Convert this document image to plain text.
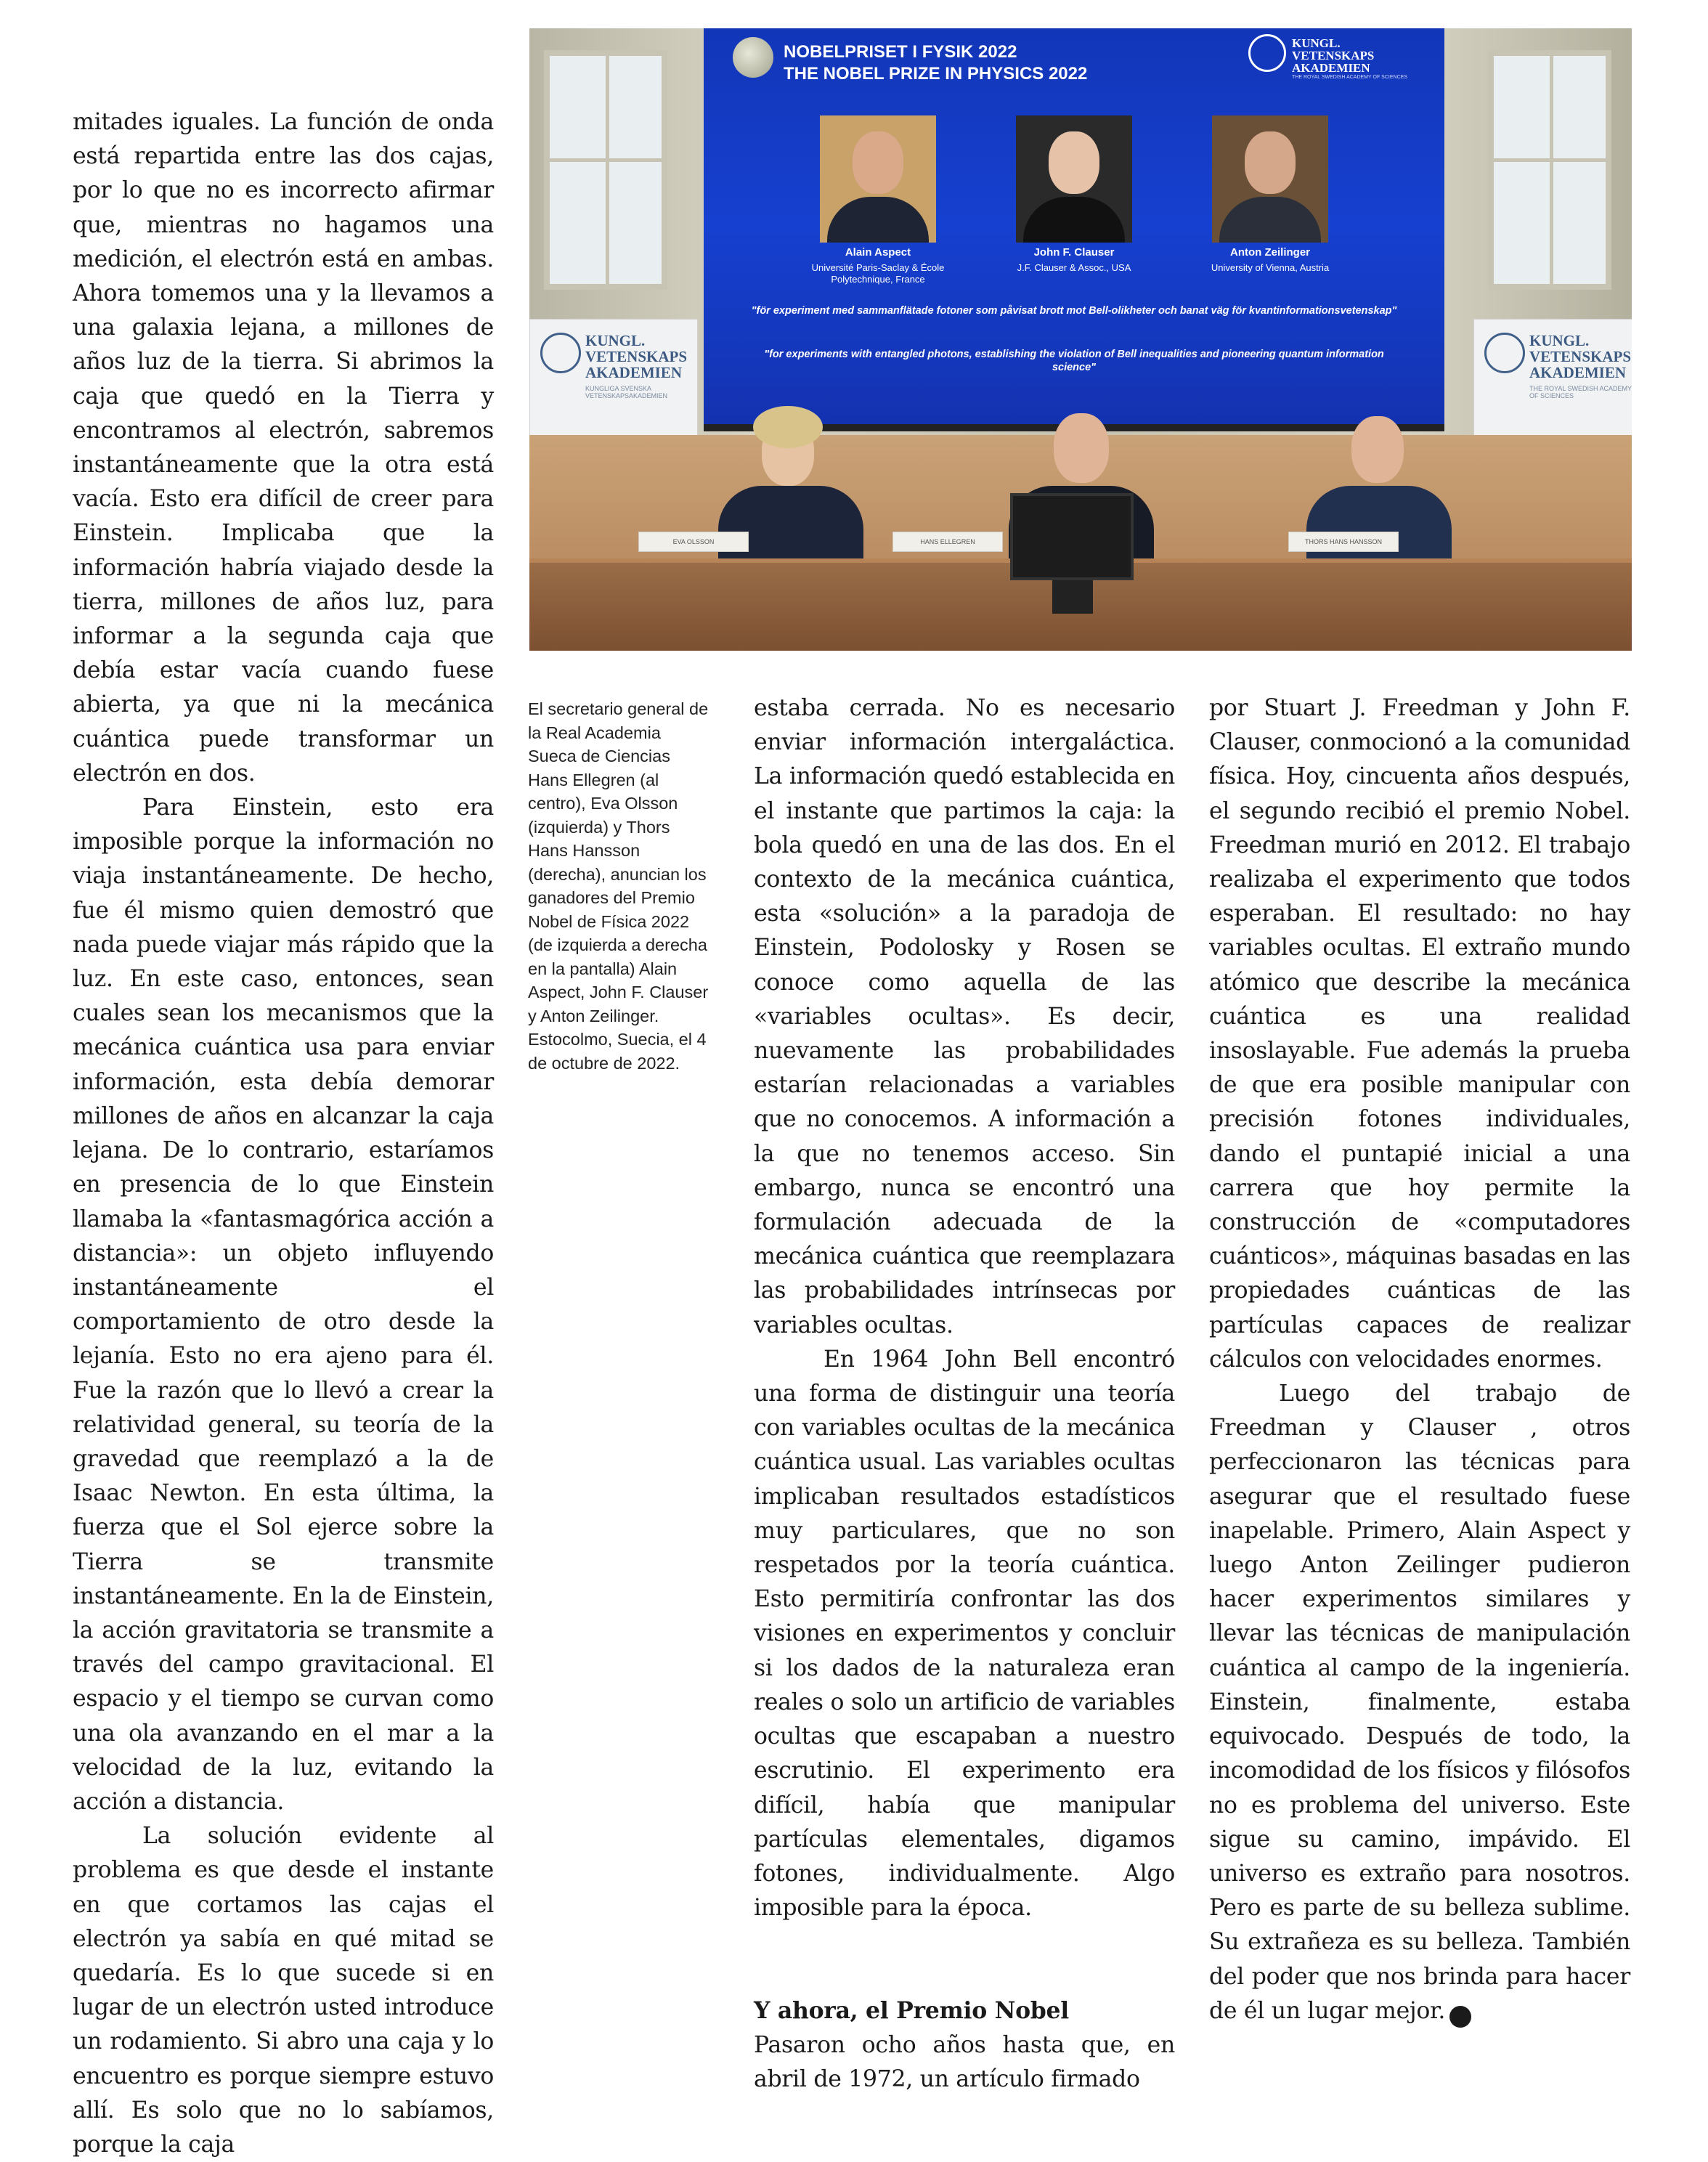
KUNGL.
VETENSKAPS
AKADEMIEN
KUNGLIGA SVENSKA VETENSKAPSAKADEMIEN
KUNGL.
VETENSKAPS
AKADEMIEN
THE ROYAL SWEDISH ACADEMY OF SCIENCES
NOBELPRISET I FYSIK 2022
THE NOBEL PRIZE IN PHYSICS 2022
KUNGL.
VETENSKAPS
AKADEMIEN
THE ROYAL SWEDISH ACADEMY OF SCIENCES
Alain Aspect
Université Paris-Saclay & École Polytechnique, France
John F. Clauser
J.F. Clauser & Assoc., USA
Anton Zeilinger
University of Vienna, Austria
"för experiment med sammanflätade fotoner som påvisat brott mot Bell-olikheter och banat väg för kvantinformationsvetenskap"
"for experiments with entangled photons, establishing the violation of Bell inequalities and pioneering quantum information science"
EVA OLSSON	HANS ELLEGREN	THORS HANS HANSSON
El secretario general de la Real Academia Sueca de Ciencias Hans Ellegren (al centro), Eva Olsson (izquierda) y Thors Hans Hansson (derecha), anuncian los ganadores del Premio Nobel de Física 2022 (de izquierda a derecha en la pantalla) Alain Aspect, John F. Clauser y Anton Zeilinger. Estocolmo, Suecia, el 4 de octubre de 2022.

mitades iguales. La función de onda está repartida entre las dos cajas, por lo que no es incorrecto afirmar que, mientras no hagamos una medición, el electrón está en ambas. Ahora tomemos una y la llevamos a una galaxia lejana, a millones de años luz de la tierra. Si abrimos la caja que quedó en la Tierra y encontramos al electrón, sabremos instantáneamente que la otra está vacía. Esto era difícil de creer para Einstein. Implicaba que la información habría viajado desde la tierra, millones de años luz, para informar a la segunda caja que debía estar vacía cuando fuese abierta, ya que ni la mecánica cuántica puede transformar un electrón en dos.

Para Einstein, esto era imposible porque la información no viaja instantáneamente. De hecho, fue él mismo quien demostró que nada puede viajar más rápido que la luz. En este caso, entonces, sean cuales sean los mecanismos que la mecánica cuántica usa para enviar información, esta debía demorar millones de años en alcanzar la caja lejana. De lo contrario, estaríamos en presencia de lo que Einstein llamaba la «fantasmagórica acción a distancia»: un objeto influyendo instantáneamente el comportamiento de otro desde la lejanía. Esto no era ajeno para él. Fue la razón que lo llevó a crear la relatividad general, su teoría de la gravedad que reemplazó a la de Isaac Newton. En esta última, la fuerza que el Sol ejerce sobre la Tierra se transmite instantáneamente. En la de Einstein, la acción gravitatoria se transmite a través del campo gravitacional. El espacio y el tiempo se curvan como una ola avanzando en el mar a la velocidad de la luz, evitando la acción a distancia.

La solución evidente al problema es que desde el instante en que cortamos las cajas el electrón ya sabía en qué mitad se quedaría. Es lo que sucede si en lugar de un electrón usted introduce un rodamiento. Si abro una caja y lo encuentro es porque siempre estuvo allí. Es solo que no lo sabíamos, porque la caja

estaba cerrada. No es necesario enviar información intergaláctica. La información quedó establecida en el instante que partimos la caja: la bola quedó en una de las dos. En el contexto de la mecánica cuántica, esta «solución» a la paradoja de Einstein, Podolosky y Rosen se conoce como aquella de las «variables ocultas». Es decir, nuevamente las probabilidades estarían relacionadas a variables que no conocemos. A información a la que no tenemos acceso. Sin embargo, nunca se encontró una formulación adecuada de la mecánica cuántica que reemplazara las probabilidades intrínsecas por variables ocultas.

En 1964 John Bell encontró una forma de distinguir una teoría con variables ocultas de la mecánica cuántica usual. Las variables ocultas implicaban resultados estadísticos muy particulares, que no son respetados por la teoría cuántica. Esto permitiría confrontar las dos visiones en experimentos y concluir si los dados de la naturaleza eran reales o solo un artificio de variables ocultas que escapaban a nuestro escrutinio. El experimento era difícil, había que manipular partículas elementales, digamos fotones, individualmente. Algo imposible para la época.

Y ahora, el Premio Nobel

Pasaron ocho años hasta que, en abril de 1972, un artículo firmado

por Stuart J. Freedman y John F. Clauser, conmocionó a la comunidad física. Hoy, cincuenta años después, el segundo recibió el premio Nobel. Freedman murió en 2012. El trabajo realizaba el experimento que todos esperaban. El resultado: no hay variables ocultas. El extraño mundo atómico que describe la mecánica cuántica es una realidad insoslayable. Fue además la prueba de que era posible manipular con precisión fotones individuales, dando el puntapié inicial a una carrera que hoy permite la construcción de «computadores cuánticos», máquinas basadas en las propiedades cuánticas de las partículas capaces de realizar cálculos con velocidades enormes.

Luego del trabajo de Freedman y Clauser , otros perfeccionaron las técnicas para asegurar que el resultado fuese inapelable. Primero, Alain Aspect y luego Anton Zeilinger pudieron hacer experimentos similares y llevar las técnicas de manipulación cuántica al campo de la ingeniería. Einstein, finalmente, estaba equivocado. Después de todo, la incomodidad de los físicos y filósofos no es problema del universo. Este sigue su camino, impávido. El universo es extraño para nosotros. Pero es parte de su belleza sublime. Su extrañeza es su belleza. También del poder que nos brinda para hacer de él un lugar mejor.	M
